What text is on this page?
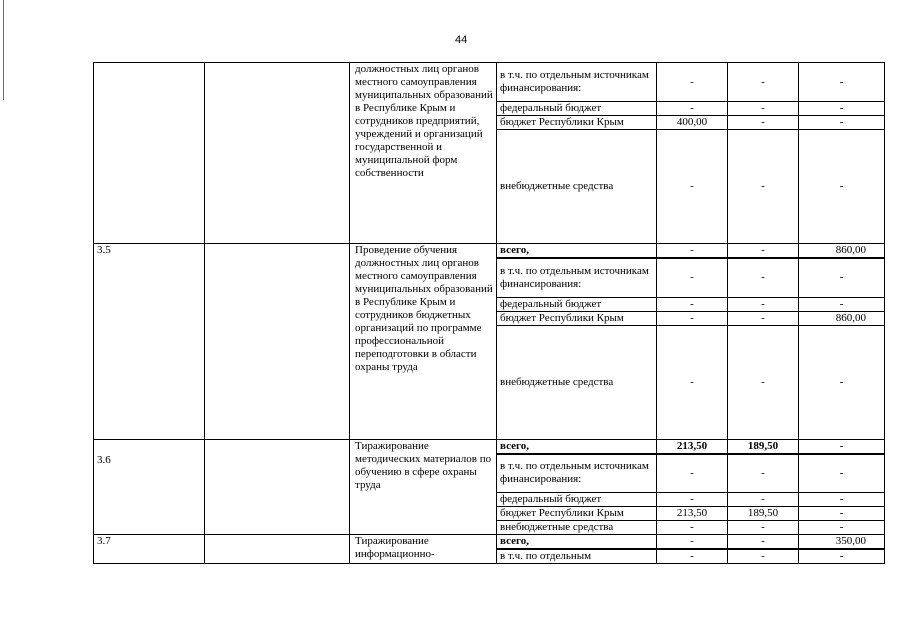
44
		должностных лиц органов местного самоуправления муниципальных образований в Республике Крым и сотрудников предприятий, учреждений и организаций государственной и муниципальной форм собственности	в т.ч. по отдельным источникам финансирования:	-	-	-
			федеральный бюджет	-	-	-
			бюджет Республики Крым	400,00	-	-
			внебюджетные средства	-	-	-
3.5		Проведение обучения должностных лиц органов местного самоуправления муниципальных образований в Республике Крым и сотрудников бюджетных организаций по программе профессиональной переподготовки в области охраны труда	всего,	-	-	860,00
			в т.ч. по отдельным источникам финансирования:	-	-	-
			федеральный бюджет	-	-	-
			бюджет Республики Крым	-	-	860,00
			внебюджетные средства	-	-	-
3.6		Тиражирование методических материалов по обучению в сфере охраны труда	всего,	213,50	189,50	-
			в т.ч. по отдельным источникам финансирования:	-	-	-
			федеральный бюджет	-	-	-
			бюджет Республики Крым	213,50	189,50	-
			внебюджетные средства	-	-	-
3.7		Тиражирование информационно-	всего,	-	-	350,00
			в т.ч. по отдельным	-	-	-
